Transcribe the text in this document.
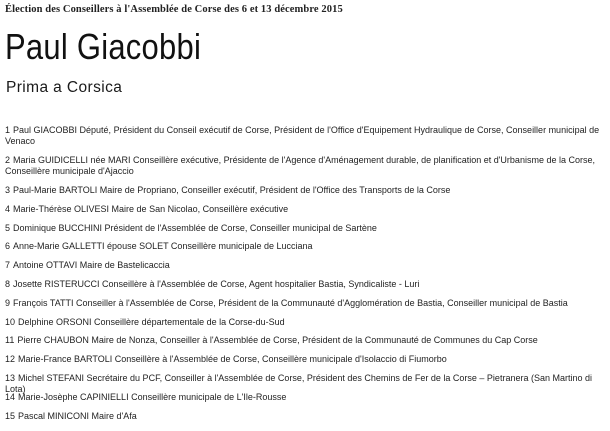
Élection des Conseillers à l'Assemblée de Corse des 6 et 13 décembre 2015
Paul Giacobbi
Prima a Corsica
1 Paul GIACOBBI Député, Président du Conseil exécutif de Corse, Président de l'Office d'Equipement Hydraulique de Corse, Conseiller municipal de Venaco
2 Maria GUIDICELLI née MARI Conseillère exécutive, Présidente de l'Agence d'Aménagement durable, de planification et d'Urbanisme de la Corse, Conseillère municipale d'Ajaccio
3 Paul-Marie BARTOLI Maire de Propriano, Conseiller exécutif, Président de l'Office des Transports de la Corse
4 Marie-Thérèse OLIVESI Maire de San Nicolao, Conseillère exécutive
5 Dominique BUCCHINI Président de l'Assemblée de Corse, Conseiller municipal de Sartène
6 Anne-Marie GALLETTI épouse SOLET Conseillère municipale de Lucciana
7 Antoine OTTAVI Maire de Bastelicaccia
8 Josette RISTERUCCI Conseillère à l'Assemblée de Corse, Agent hospitalier Bastia, Syndicaliste - Luri
9 François TATTI Conseiller à l'Assemblée de Corse, Président de la Communauté d'Agglomération de Bastia, Conseiller municipal de Bastia
10 Delphine ORSONI Conseillère départementale de la Corse-du-Sud
11 Pierre CHAUBON Maire de Nonza, Conseiller à l'Assemblée de Corse, Président de la Communauté de Communes du Cap Corse
12 Marie-France BARTOLI Conseillère à l'Assemblée de Corse, Conseillère municipale d'Isolaccio di Fiumorbo
13 Michel STEFANI Secrétaire du PCF, Conseiller à l'Assemblée de Corse, Président des Chemins de Fer de la Corse – Pietranera (San Martino di Lota)
14 Marie-Josèphe CAPINIELLI Conseillère municipale de L'Ile-Rousse
15 Pascal MINICONI Maire d'Afa
